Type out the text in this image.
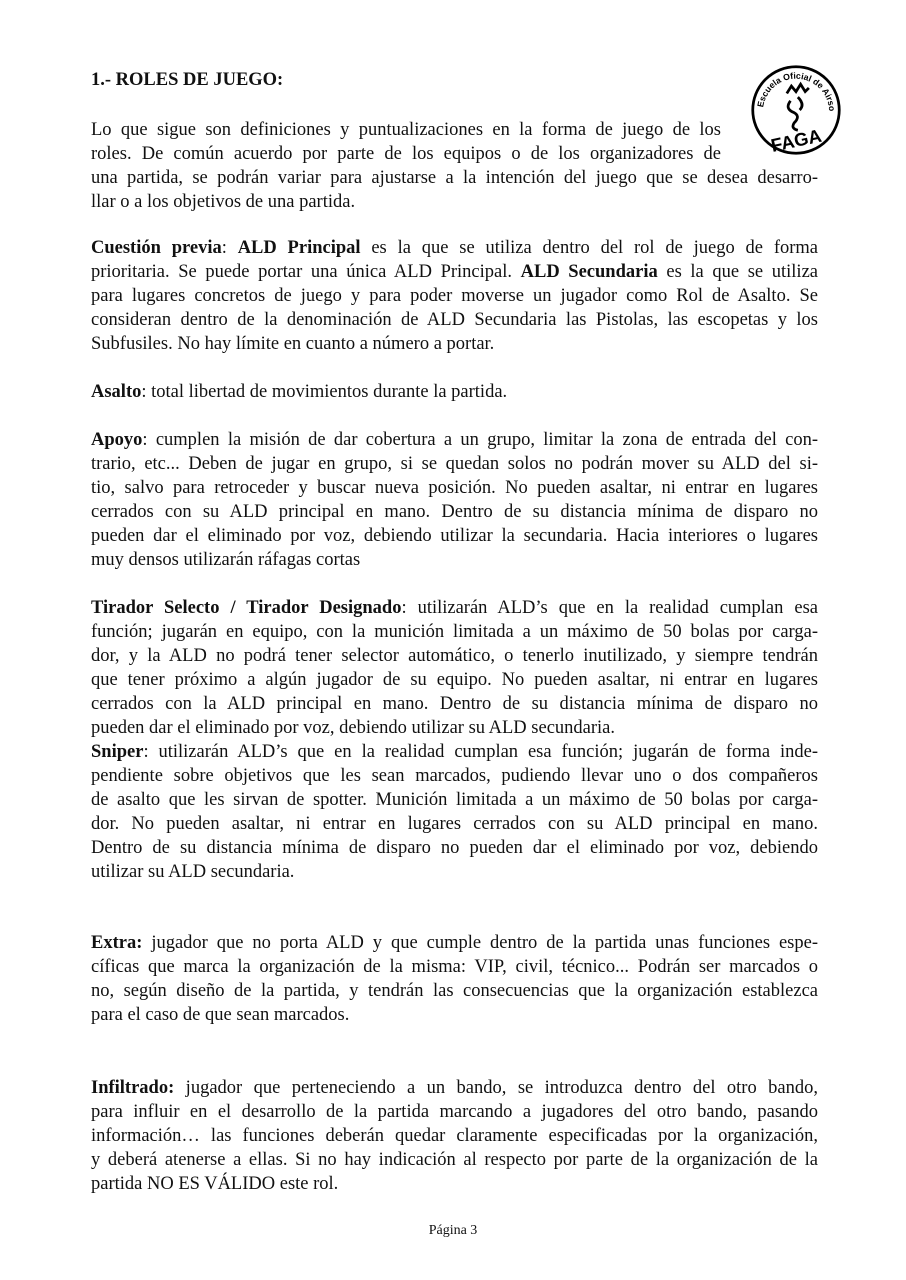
1.- ROLES DE JUEGO:
Escuela Oficial de Airso
FAGA
Lo que sigue son definiciones y puntualizaciones en la forma de juego de los
roles. De común acuerdo por parte de los equipos o de los organizadores de
una partida, se podrán variar para ajustarse a la intención del juego que se desea desarro-
llar o a los objetivos de una partida.
Cuestión previa: ALD Principal es la que se utiliza dentro del rol de juego de forma
prioritaria. Se puede portar una única ALD Principal. ALD Secundaria es la que se utiliza
para lugares concretos de juego y para poder moverse un jugador como Rol de Asalto. Se
consideran dentro de la denominación de ALD Secundaria las Pistolas, las escopetas y los
Subfusiles. No hay límite en cuanto a número a portar.
Asalto: total libertad de movimientos durante la partida.
Apoyo: cumplen la misión de dar cobertura a un grupo, limitar la zona de entrada del con-
trario, etc... Deben de jugar en grupo, si se quedan solos no podrán mover su ALD del si-
tio, salvo para retroceder y buscar nueva posición. No pueden asaltar, ni entrar en lugares
cerrados con su ALD principal en mano. Dentro de su distancia mínima de disparo no
pueden dar el eliminado por voz, debiendo utilizar la secundaria. Hacia interiores o lugares
muy densos utilizarán ráfagas cortas
Tirador Selecto / Tirador Designado: utilizarán ALD’s que en la realidad cumplan esa
función; jugarán en equipo, con la munición limitada a un máximo de 50 bolas por carga-
dor, y la ALD no podrá tener selector automático, o tenerlo inutilizado, y siempre tendrán
que tener próximo a algún jugador de su equipo. No pueden asaltar, ni entrar en lugares
cerrados con la ALD principal en mano. Dentro de su distancia mínima de disparo no
pueden dar el eliminado por voz, debiendo utilizar su ALD secundaria.
Sniper: utilizarán ALD’s que en la realidad cumplan esa función; jugarán de forma inde-
pendiente sobre objetivos que les sean marcados, pudiendo llevar uno o dos compañeros
de asalto que les sirvan de spotter. Munición limitada a un máximo de 50 bolas por carga-
dor. No pueden asaltar, ni entrar en lugares cerrados con su ALD principal en mano.
Dentro de su distancia mínima de disparo no pueden dar el eliminado por voz, debiendo
utilizar su ALD secundaria.
Extra: jugador que no porta ALD y que cumple dentro de la partida unas funciones espe-
cíficas que marca la organización de la misma: VIP, civil, técnico... Podrán ser marcados o
no, según diseño de la partida, y tendrán las consecuencias que la organización establezca
para el caso de que sean marcados.
Infiltrado: jugador que perteneciendo a un bando, se introduzca dentro del otro bando,
para influir en el desarrollo de la partida marcando a jugadores del otro bando, pasando
información… las funciones deberán quedar claramente especificadas por la organización,
y deberá atenerse a ellas. Si no hay indicación al respecto por parte de la organización de la
partida NO ES VÁLIDO este rol.
Página 3
